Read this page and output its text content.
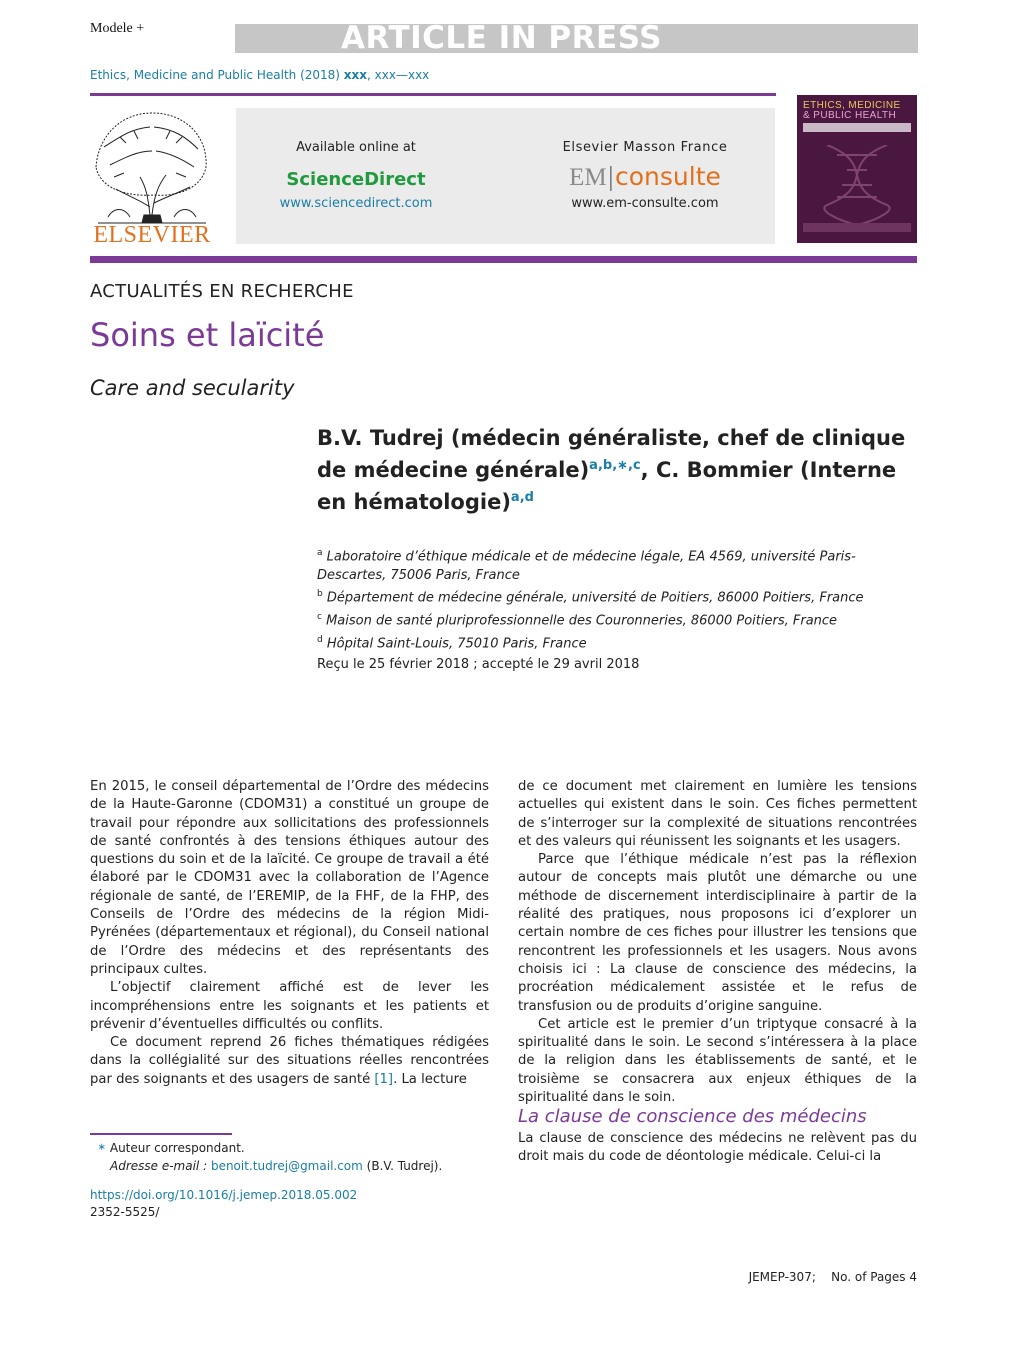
Modele +	ARTICLE IN PRESS
Ethics, Medicine and Public Health (2018) xxx, xxx—xxx
ELSEVIER
Available online at
ScienceDirect
www.sciencedirect.com
Elsevier Masson France
EM|consulte
www.em-consulte.com
ETHICS, MEDICINE
& PUBLIC HEALTH
ACTUALITÉS EN RECHERCHE
Soins et laïcité
Care and secularity
B.V. Tudrej (médecin généraliste, chef de clinique de médecine générale)$^{a,b,∗,c}$, C. Bommier (Interne en hématologie)$^{a,d}$
$^a$ Laboratoire d’éthique médicale et de médecine légale, EA 4569, université Paris-Descartes, 75006 Paris, France
$^b$ Département de médecine générale, université de Poitiers, 86000 Poitiers, France
$^c$ Maison de santé pluriprofessionnelle des Couronneries, 86000 Poitiers, France
$^d$ Hôpital Saint-Louis, 75010 Paris, France
Reçu le 25 février 2018 ; accepté le 29 avril 2018

En 2015, le conseil départemental de l’Ordre des médecins de la Haute-Garonne (CDOM31) a constitué un groupe de travail pour répondre aux sollicitations des professionnels de santé confrontés à des tensions éthiques autour des questions du soin et de la laïcité. Ce groupe de travail a été élaboré par le CDOM31 avec la collaboration de l’Agence régionale de santé, de l’EREMIP, de la FHF, de la FHP, des Conseils de l’Ordre des médecins de la région Midi-Pyrénées (départementaux et régional), du Conseil national de l’Ordre des médecins et des représentants des principaux cultes.

L’objectif clairement affiché est de lever les incompréhensions entre les soignants et les patients et prévenir d’éventuelles difficultés ou conflits.

Ce document reprend 26 fiches thématiques rédigées dans la collégialité sur des situations réelles rencontrées par des soignants et des usagers de santé [1]. La lecture

de ce document met clairement en lumière les tensions actuelles qui existent dans le soin. Ces fiches permettent de s’interroger sur la complexité de situations rencontrées et des valeurs qui réunissent les soignants et les usagers.

Parce que l’éthique médicale n’est pas la réflexion autour de concepts mais plutôt une démarche ou une méthode de discernement interdisciplinaire à partir de la réalité des pratiques, nous proposons ici d’explorer un certain nombre de ces fiches pour illustrer les tensions que rencontrent les professionnels et les usagers. Nous avons choisis ici : La clause de conscience des médecins, la procréation médicalement assistée et le refus de transfusion ou de produits d’origine sanguine.

Cet article est le premier d’un triptyque consacré à la spiritualité dans le soin. Le second s’intéressera à la place de la religion dans les établissements de santé, et le troisième se consacrera aux enjeux éthiques de la spiritualité dans le soin.

La clause de conscience des médecins

La clause de conscience des médecins ne relèvent pas du droit mais du code de déontologie médicale. Celui-ci la

∗ Auteur correspondant.
Adresse e-mail : benoit.tudrej@gmail.com (B.V. Tudrej).
https://doi.org/10.1016/j.jemep.2018.05.002
2352-5525/
JEMEP-307;    No. of Pages 4
